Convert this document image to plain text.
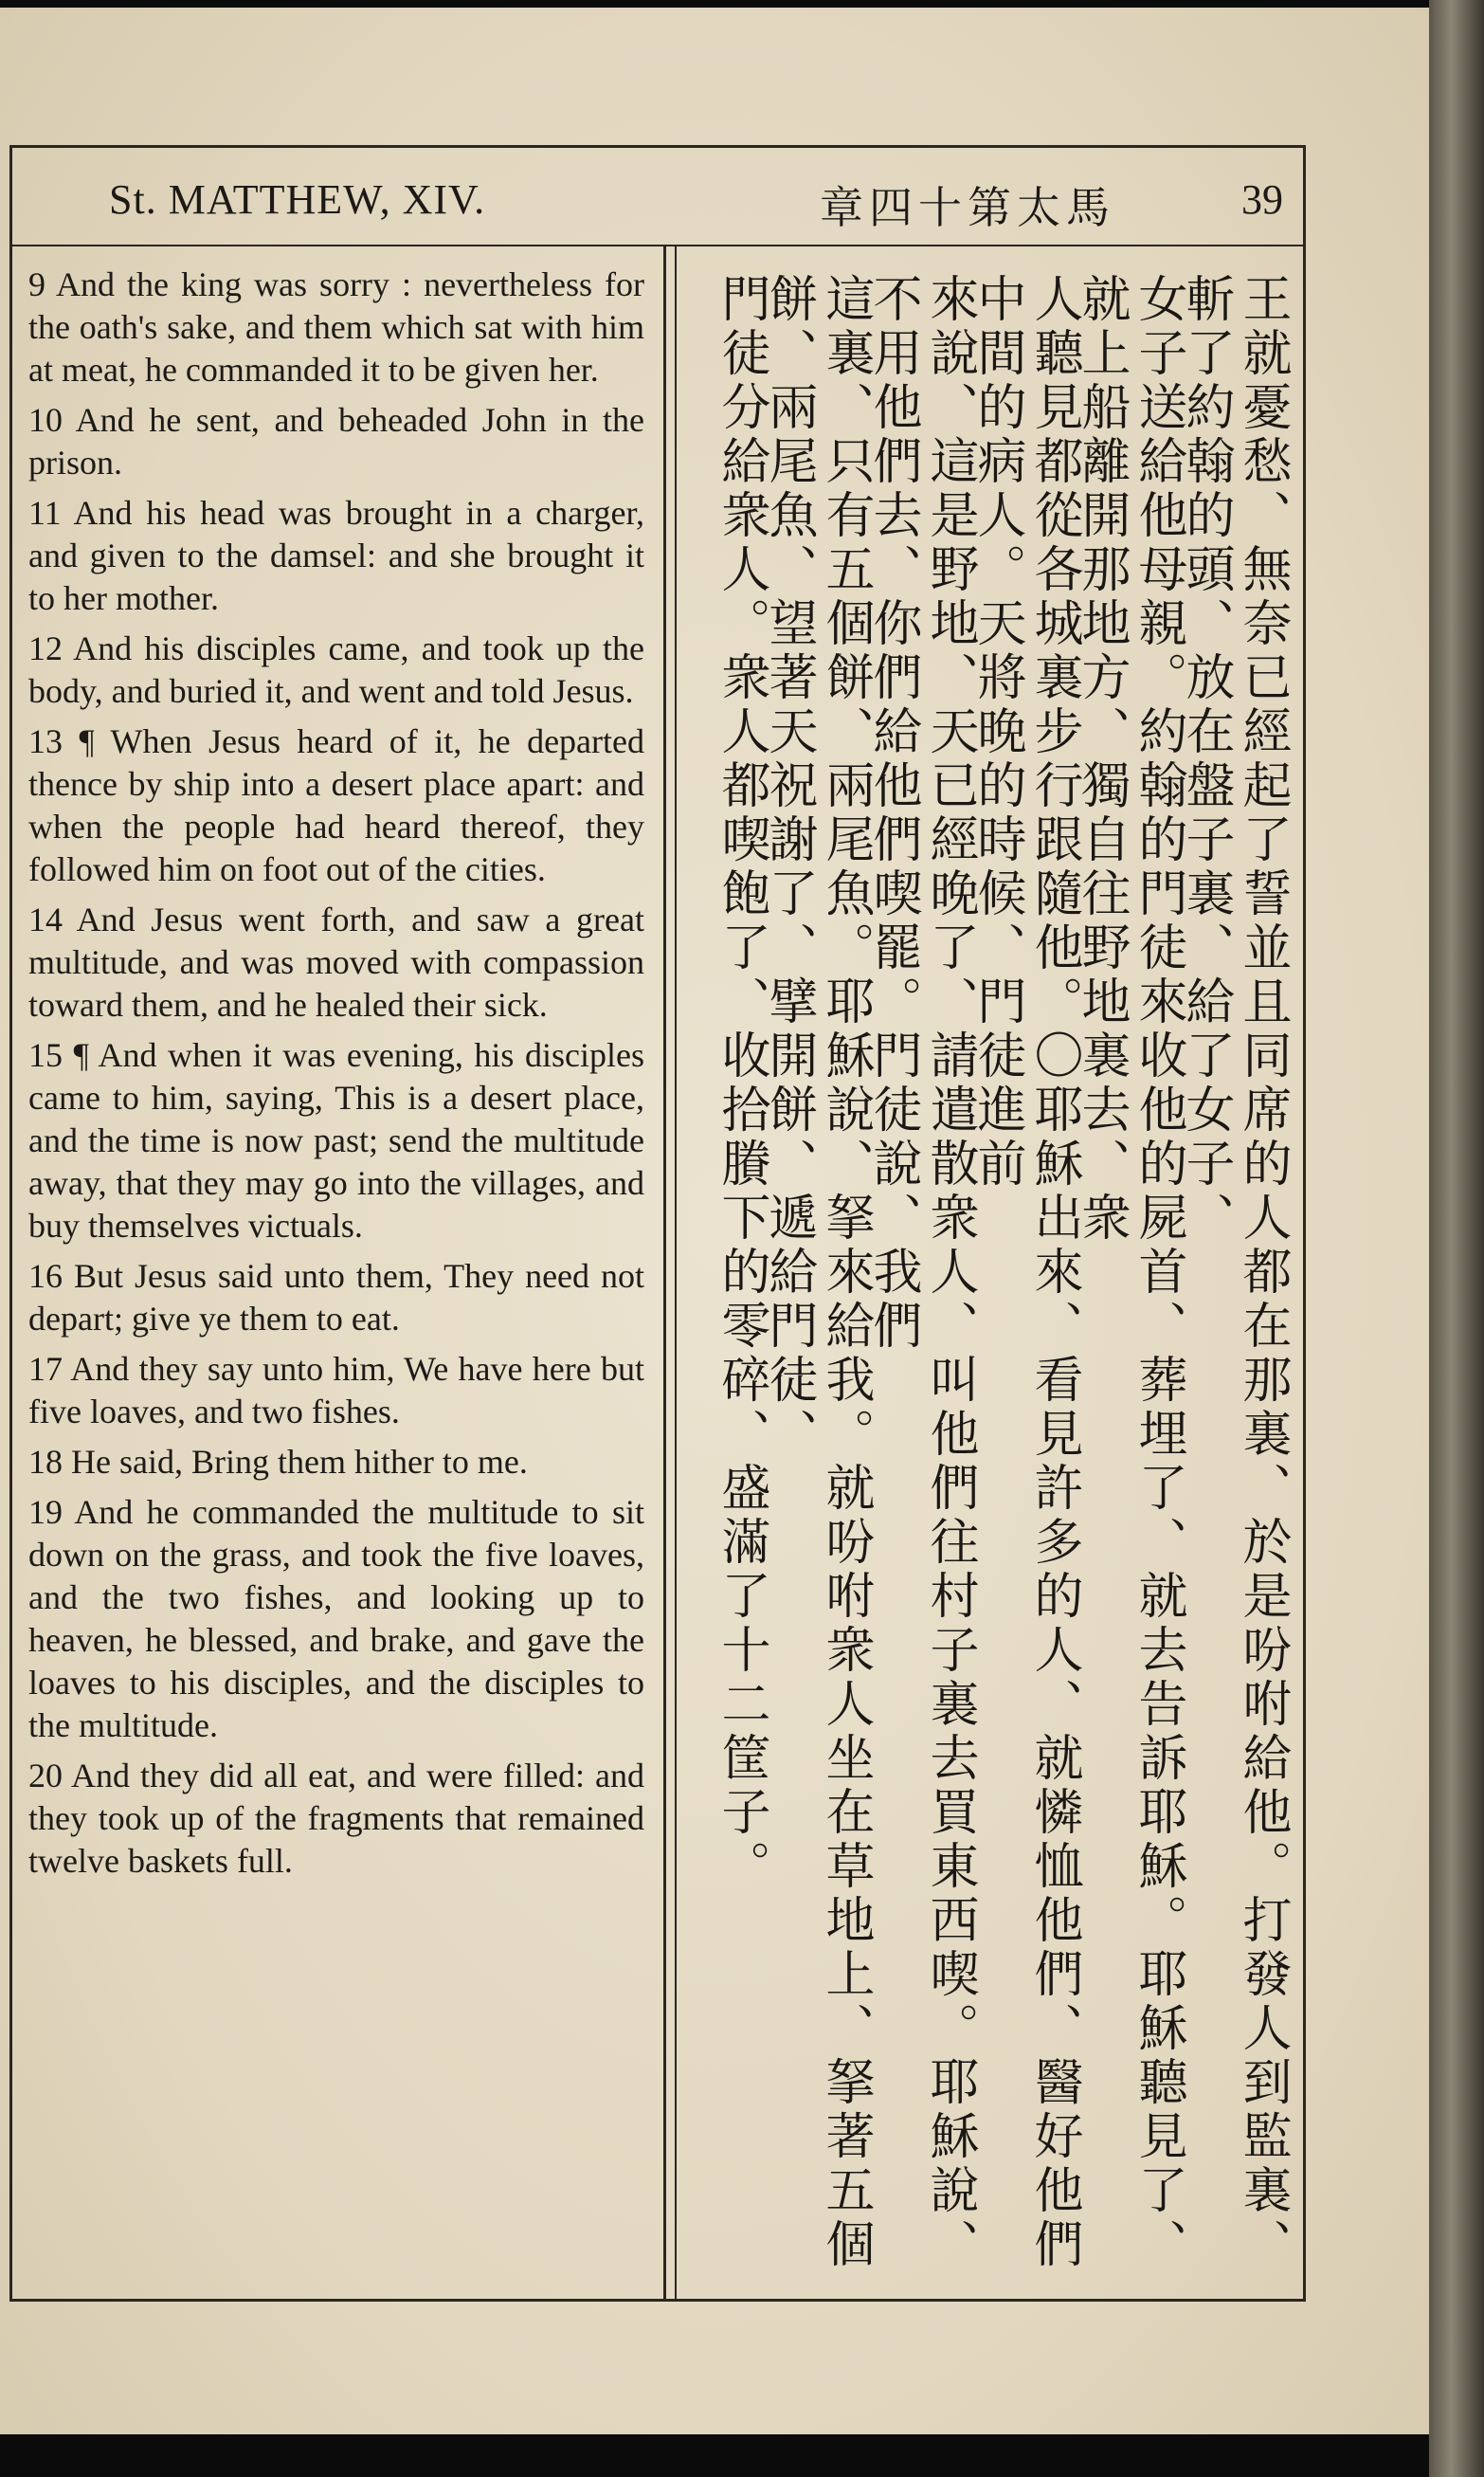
St. MATTHEW, XIV.	章四十第太馬	39

9 And the king was sorry : nevertheless for the oath's sake, and them which sat with him at meat, he commanded it to be given her.

10 And he sent, and beheaded John in the prison.

11 And his head was brought in a charger, and given to the damsel: and she brought it to her mother.

12 And his disciples came, and took up the body, and buried it, and went and told Jesus.

13 ¶ When Jesus heard of it, he departed thence by ship into a desert place apart: and when the people had heard thereof, they followed him on foot out of the cities.

14 And Jesus went forth, and saw a great multitude, and was moved with compassion toward them, and he healed their sick.

15 ¶ And when it was evening, his disciples came to him, saying, This is a desert place, and the time is now past; send the multitude away, that they may go into the villages, and buy themselves victuals.

16 But Jesus said unto them, They need not depart; give ye them to eat.

17 And they say unto him, We have here but five loaves, and two fishes.

18 He said, Bring them hither to me.

19 And he commanded the multitude to sit down on the grass, and took the five loaves, and the two fishes, and looking up to heaven, he blessed, and brake, and gave the loaves to his disciples, and the disciples to the multitude.

20 And they did all eat, and were filled: and they took up of the fragments that remained twelve baskets full.	王就憂愁、無奈已經起了誓並且同席的人都在那裏、於是吩咐給他。打發人到監裏、斬了約翰的頭、放在盤子裏、給了女子、
女子送給他母親。約翰的門徒來收他的屍首、葬埋了、就去告訴耶穌。耶穌聽見了、就上船離開那地方、獨自往野地裏去、衆
人聽見都從各城裏步行跟隨他。〇耶穌出來、看見許多的人、就憐恤他們、醫好他們中間的病人。天將晚的時候、門徒進前
來說、這是野地、天已經晚了、請遣散衆人、叫他們往村子裏去買東西喫。耶穌說、不用他們去、你們給他們喫罷。門徒說、我們
這裏、只有五個餅、兩尾魚。耶穌說、拏來給我。就吩咐衆人坐在草地上、拏著五個餅、兩尾魚、望著天祝謝了、擘開餅、遞給門徒、
門徒分給衆人。衆人都喫飽了、收拾賸下的零碎、盛滿了十二筐子。
